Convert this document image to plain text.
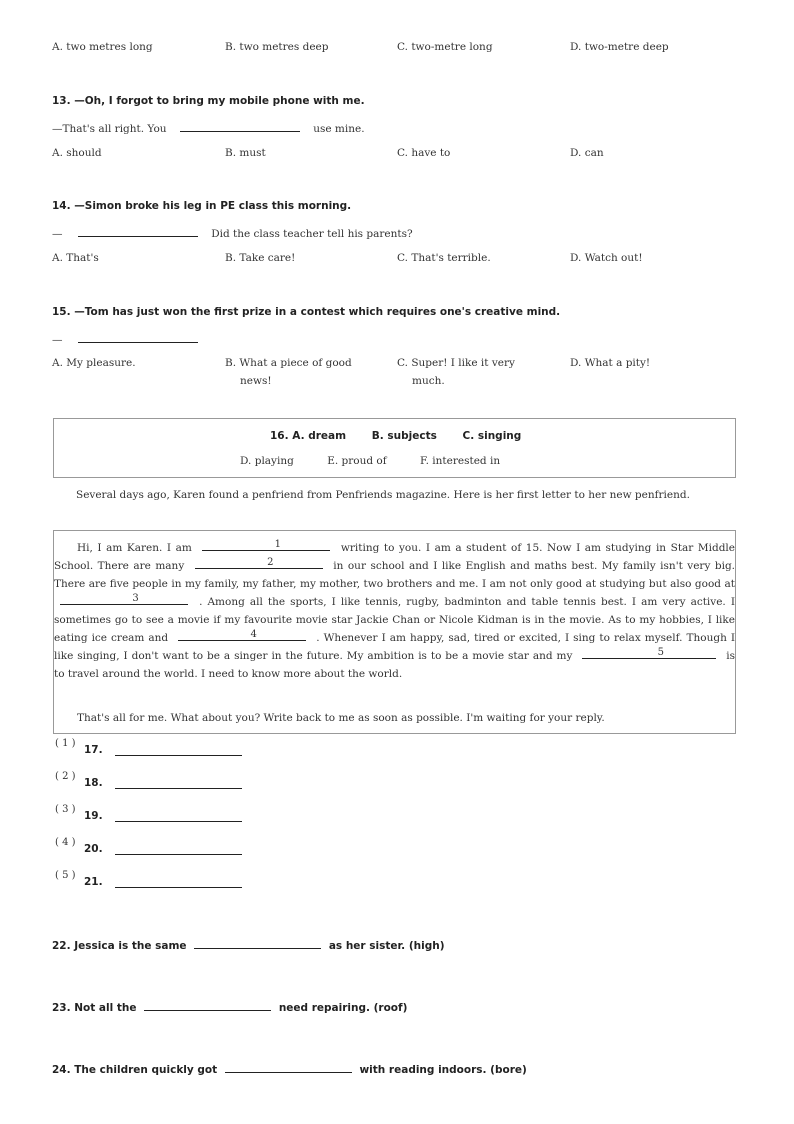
A. two metres long	B. two metres deep	C. two-metre long	D. two-metre deep
13. —Oh, I forgot to bring my mobile phone with me.
—That's all right. You	use mine.
A. should	B. must	C. have to	D. can
14. —Simon broke his leg in PE class this morning.
—	Did the class teacher tell his parents?
A. That's	B. Take care!	C. That's terrible.	D. Watch out!
15. —Tom has just won the first prize in a contest which requires one's creative mind.
—
A. My pleasure.	B. What a piece of good
news!
C. Super! I like it very
much.
D. What a pity!
16. A. dream B. subjects C. singing
D. playing	E. proud of	F. interested in
Several days ago, Karen found a penfriend from Penfriends magazine. Here is her first letter to her new penfriend.
Hi, I am Karen. I am	1	writing to you. I am a student of 15. Now I am studying in Star Middle School. There are many	2	in our school and I like English and maths best. My family isn't very big. There are five people in my family, my father, my mother, two brothers and me. I am not only good at studying but also good at
3	. Among all the sports, I like tennis, rugby, badminton and table tennis best. I am very active. I sometimes go to see a movie if my favourite movie star Jackie Chan or Nicole Kidman is in the movie. As to my hobbies, I like eating ice cream and	4	. Whenever I am happy, sad, tired or excited, I sing to relax myself. Though I like singing, I don't want to be a singer in the future. My ambition is to be a movie star and my	5	is to travel around the world. I need to know more about the world.
That's all for me. What about you? Write back to me as soon as possible. I'm waiting for your reply.
( 1 )
17.
( 2 )
18.
( 3 )
19.
( 4 )
20.
( 5 )
21.
22. Jessica is the same	as her sister. (high)
23. Not all the	need repairing. (roof)
24. The children quickly got	with reading indoors. (bore)
